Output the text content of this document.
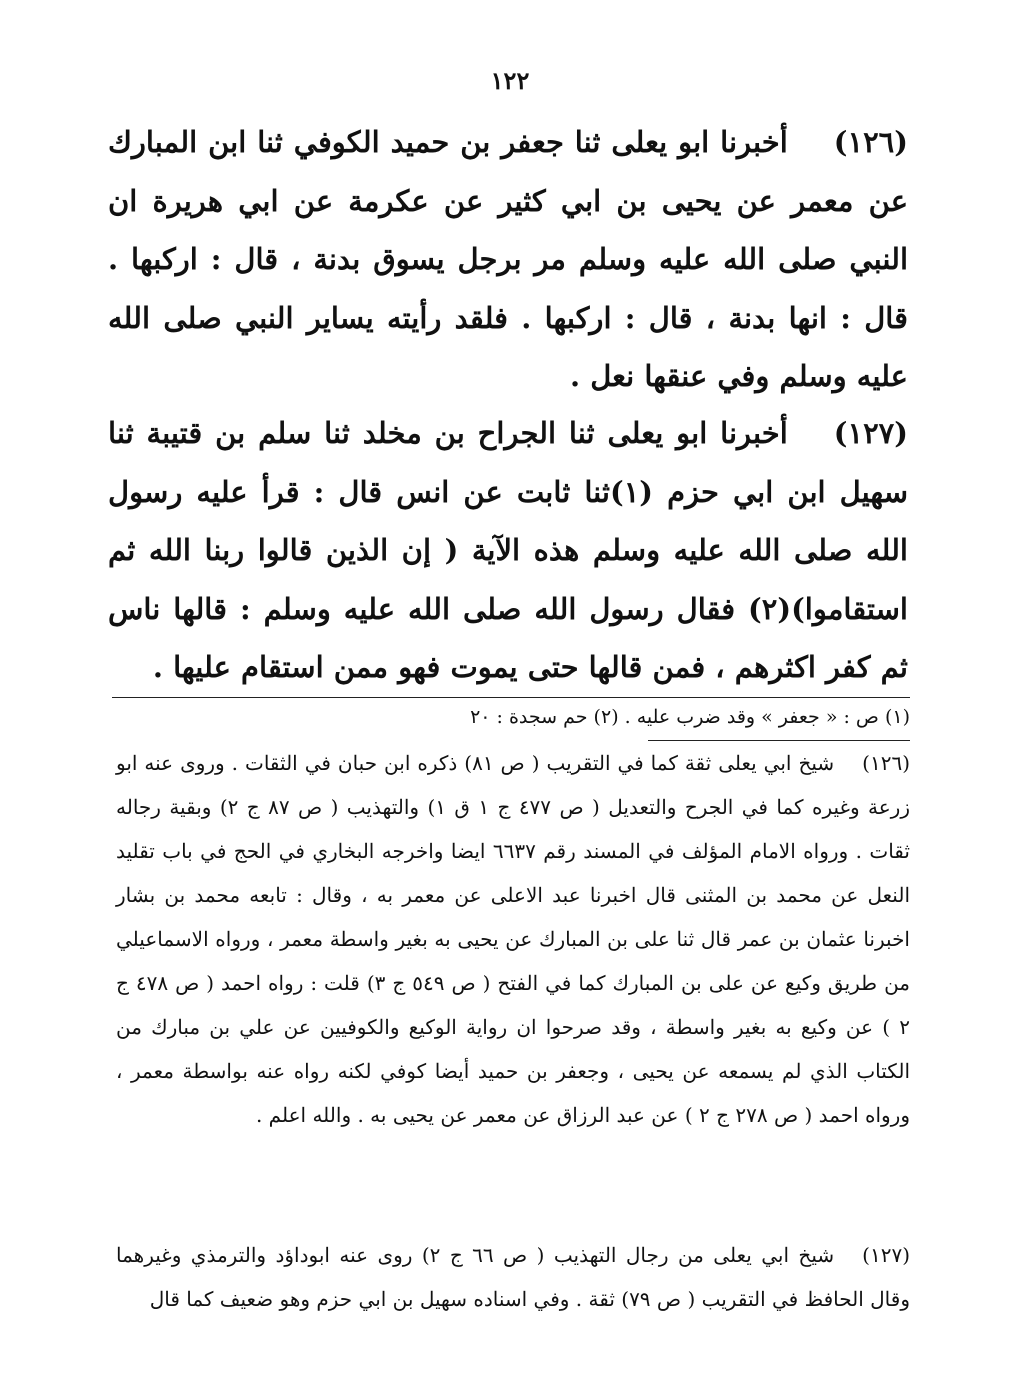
١٢٢
(١٢٦)أخبرنا ابو يعلى ثنا جعفر بن حميد الكوفي ثنا ابن المبارك عن معمر عن يحيى بن ابي كثير عن عكرمة عن ابي هريرة ان النبي صلى الله عليه وسلم مر برجل يسوق بدنة ، قال : اركبها . قال : انها بدنة ، قال : اركبها . فلقد رأيته يساير النبي صلى الله عليه وسلم وفي عنقها نعل .
(١٢٧)أخبرنا ابو يعلى ثنا الجراح بن مخلد ثنا سلم بن قتيبة ثنا سهيل ابن ابي حزم (١)ثنا ثابت عن انس قال : قرأ عليه رسول الله صلى الله عليه وسلم هذه الآية ( إن الذين قالوا ربنا الله ثم استقاموا)(٢) فقال رسول الله صلى الله عليه وسلم : قالها ناس ثم كفر اكثرهم ، فمن قالها حتى يموت فهو ممن استقام عليها .
(١) ص : « جعفر » وقد ضرب عليه . (٢) حم سجدة : ٢٠
(١٢٦)شيخ ابي يعلى ثقة كما في التقريب ( ص ٨١) ذكره ابن حبان في الثقات . وروى عنه ابو زرعة وغيره كما في الجرح والتعديل ( ص ٤٧٧ ج ١ ق ١) والتهذيب ( ص ٨٧ ج ٢) وبقية رجاله ثقات . ورواه الامام المؤلف في المسند رقم ٦٦٣٧ ايضا واخرجه البخاري في الحج في باب تقليد النعل عن محمد بن المثنى قال اخبرنا عبد الاعلى عن معمر به ، وقال : تابعه محمد بن بشار اخبرنا عثمان بن عمر قال ثنا على بن المبارك عن يحيى به بغير واسطة معمر ، ورواه الاسماعيلي من طريق وكيع عن على بن المبارك كما في الفتح ( ص ٥٤٩ ج ٣) قلت : رواه احمد ( ص ٤٧٨ ج ٢ ) عن وكيع به بغير واسطة ، وقد صرحوا ان رواية الوكيع والكوفيين عن علي بن مبارك من الكتاب الذي لم يسمعه عن يحيى ، وجعفر بن حميد أيضا كوفي لكنه رواه عنه بواسطة معمر ، ورواه احمد ( ص ٢٧٨ ج ٢ ) عن عبد الرزاق عن معمر عن يحيى به . والله اعلم .
(١٢٧)شيخ ابي يعلى من رجال التهذيب ( ص ٦٦ ج ٢) روى عنه ابوداؤد والترمذي وغيرهما وقال الحافظ في التقريب ( ص ٧٩) ثقة . وفي اسناده سهيل بن ابي حزم وهو ضعيف كما قال
